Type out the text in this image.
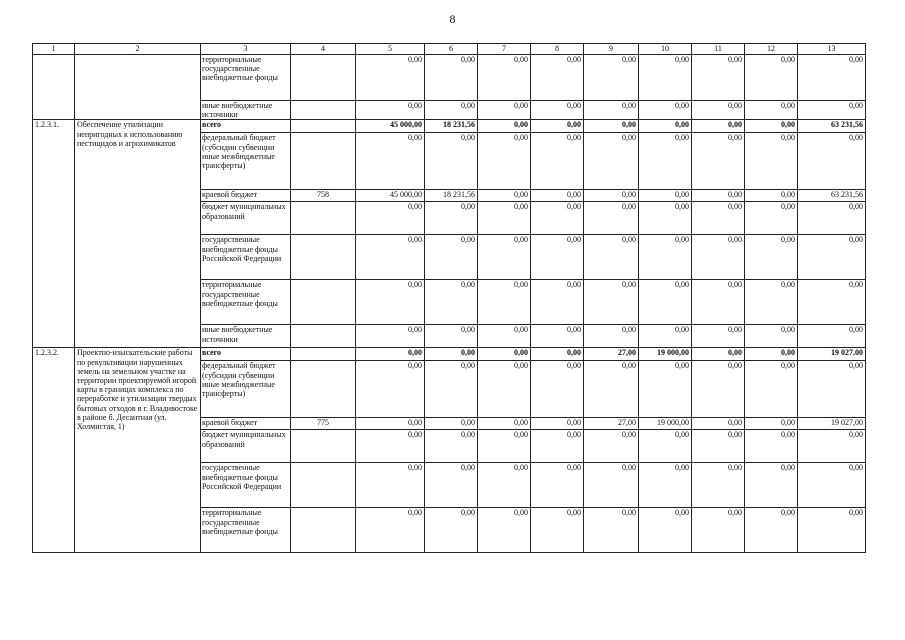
8
1	2	3	4	5	6	7	8	9	10	11	12	13
		территориальные государственные внебюджетные фонды		0,00	0,00	0,00	0,00	0,00	0,00	0,00	0,00	0,00
		иные внебюджетные источники		0,00	0,00	0,00	0,00	0,00	0,00	0,00	0,00	0,00
1.2.3.1.	Обеспечение утилизации непригодных к использованию пестицидов и агрохимикатов	всего		45 000,00	18 231,56	0,00	0,00	0,00	0,00	0,00	0,00	63 231,56
		федеральный бюджет (субсидии субвенции иные межбюджетные трансферты)		0,00	0,00	0,00	0,00	0,00	0,00	0,00	0,00	0,00
		краевой бюджет	758	45 000,00	18 231,56	0,00	0,00	0,00	0,00	0,00	0,00	63 231,56
		бюджет муниципальных образований		0,00	0,00	0,00	0,00	0,00	0,00	0,00	0,00	0,00
		государственные внебюджетные фонды Российской Федерации		0,00	0,00	0,00	0,00	0,00	0,00	0,00	0,00	0,00
		территориальные государственные внебюджетные фонды		0,00	0,00	0,00	0,00	0,00	0,00	0,00	0,00	0,00
		иные внебюджетные источники		0,00	0,00	0,00	0,00	0,00	0,00	0,00	0,00	0,00
1.2.3.2.	Проектно-изыскательские работы по рекультивации нарушенных земель на земельном участке на территории проектируемой игорой карты в границах комплекса по переработке и утилизации твердых бытовых отходов в г. Владивостоке в районе б. Десантная (ул. Холмистая, 1)	всего		0,00	0,00	0,00	0,00	27,00	19 000,00	0,00	0,00	19 027,00
		федеральный бюджет (субсидии субвенции иные межбюджетные трансферты)		0,00	0,00	0,00	0,00	0,00	0,00	0,00	0,00	0,00
		краевой бюджет	775	0,00	0,00	0,00	0,00	27,00	19 000,00	0,00	0,00	19 027,00
		бюджет муниципальных образований		0,00	0,00	0,00	0,00	0,00	0,00	0,00	0,00	0,00
		государственные внебюджетные фонды Российской Федерации		0,00	0,00	0,00	0,00	0,00	0,00	0,00	0,00	0,00
		территориальные государственные внебюджетные фонды		0,00	0,00	0,00	0,00	0,00	0,00	0,00	0,00	0,00
